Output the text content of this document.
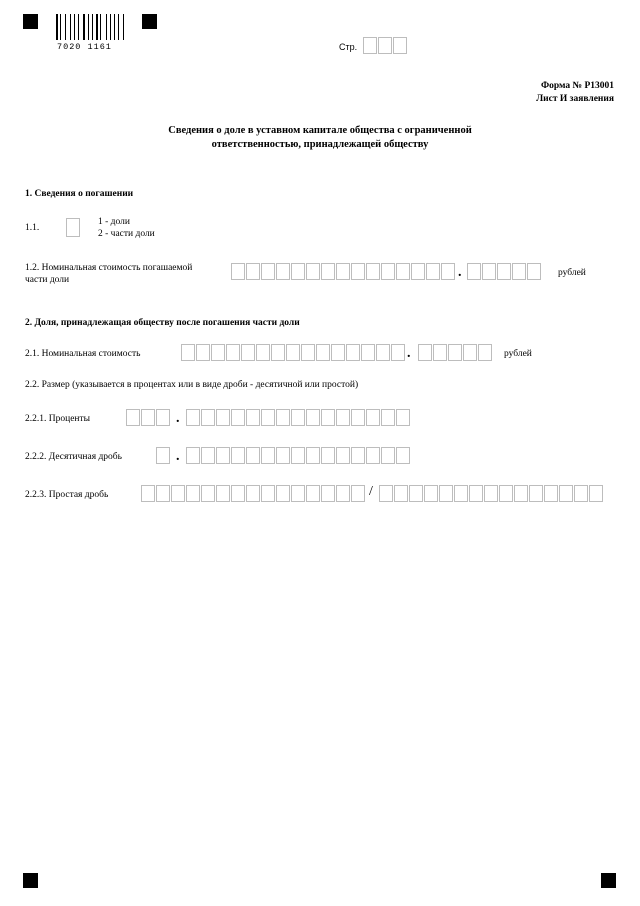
7020 1161	Стр.
Форма № Р13001
Лист И заявления
Сведения о доле в уставном капитале общества с ограниченной
ответственностью, принадлежащей обществу
1. Сведения о погашении
1.1.
1 - доли
2 - части доли
1.2. Номинальная стоимость погашаемой
части доли	.	рублей
2. Доля, принадлежащая обществу после погашения части доли
2.1. Номинальная стоимость	.	рублей
2.2. Размер (указывается в процентах или в виде дроби - десятичной или простой)
2.2.1. Проценты	.
2.2.2. Десятичная дробь	.
2.2.3. Простая дробь	/
